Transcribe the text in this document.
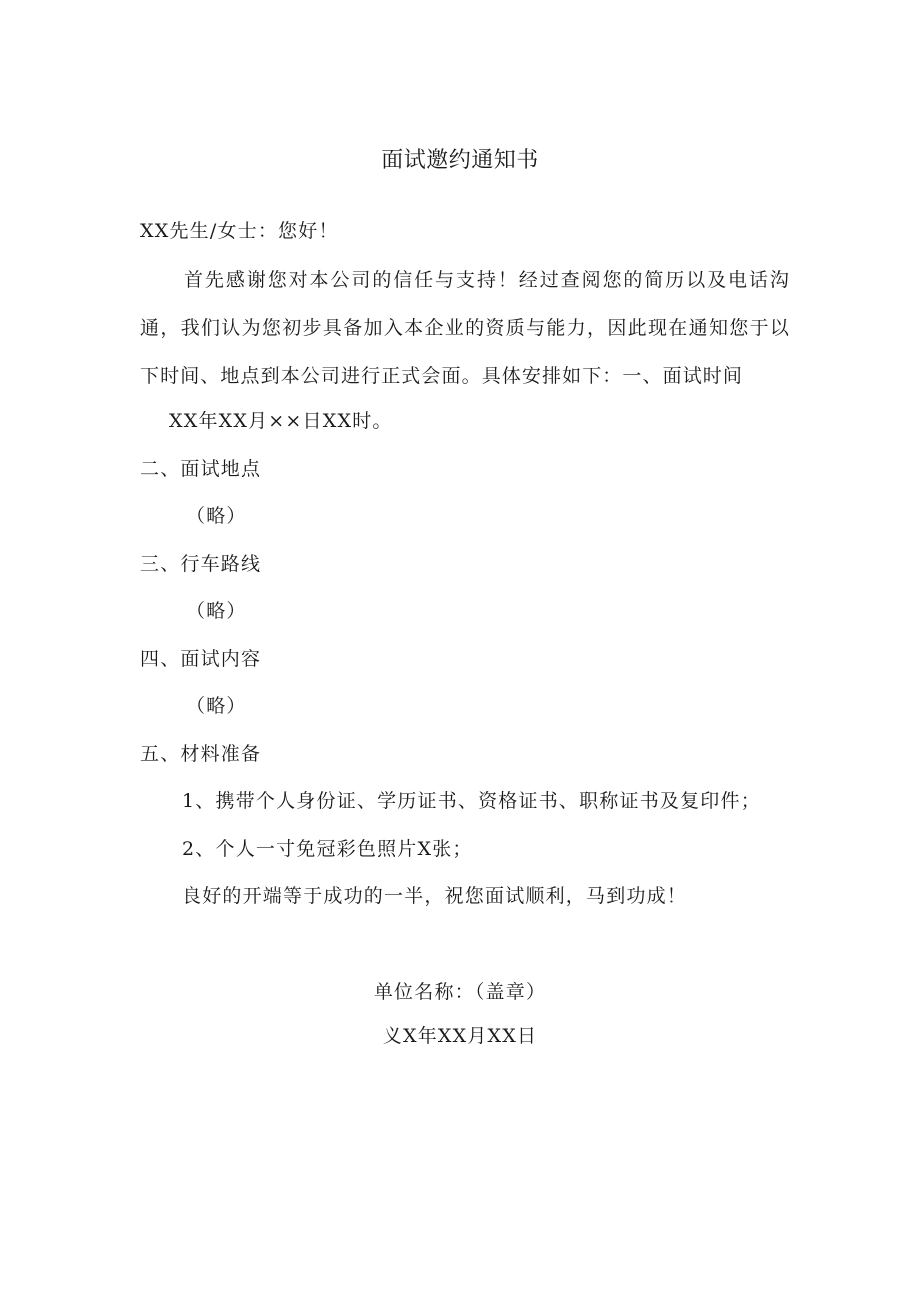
面试邀约通知书
XX先生/女士：您好！
首先感谢您对本公司的信任与支持！经过查阅您的简历以及电话沟通，我们认为您初步具备加入本企业的资质与能力，因此现在通知您于以下时间、地点到本公司进行正式会面。具体安排如下：一、面试时间
XX年XX月××日XX时。
二、面试地点
（略）
三、行车路线
（略）
四、面试内容
（略）
五、材料准备
1、携带个人身份证、学历证书、资格证书、职称证书及复印件；
2、个人一寸免冠彩色照片X张；
良好的开端等于成功的一半，祝您面试顺利，马到功成！
单位名称：（盖章）
义X年XX月XX日
